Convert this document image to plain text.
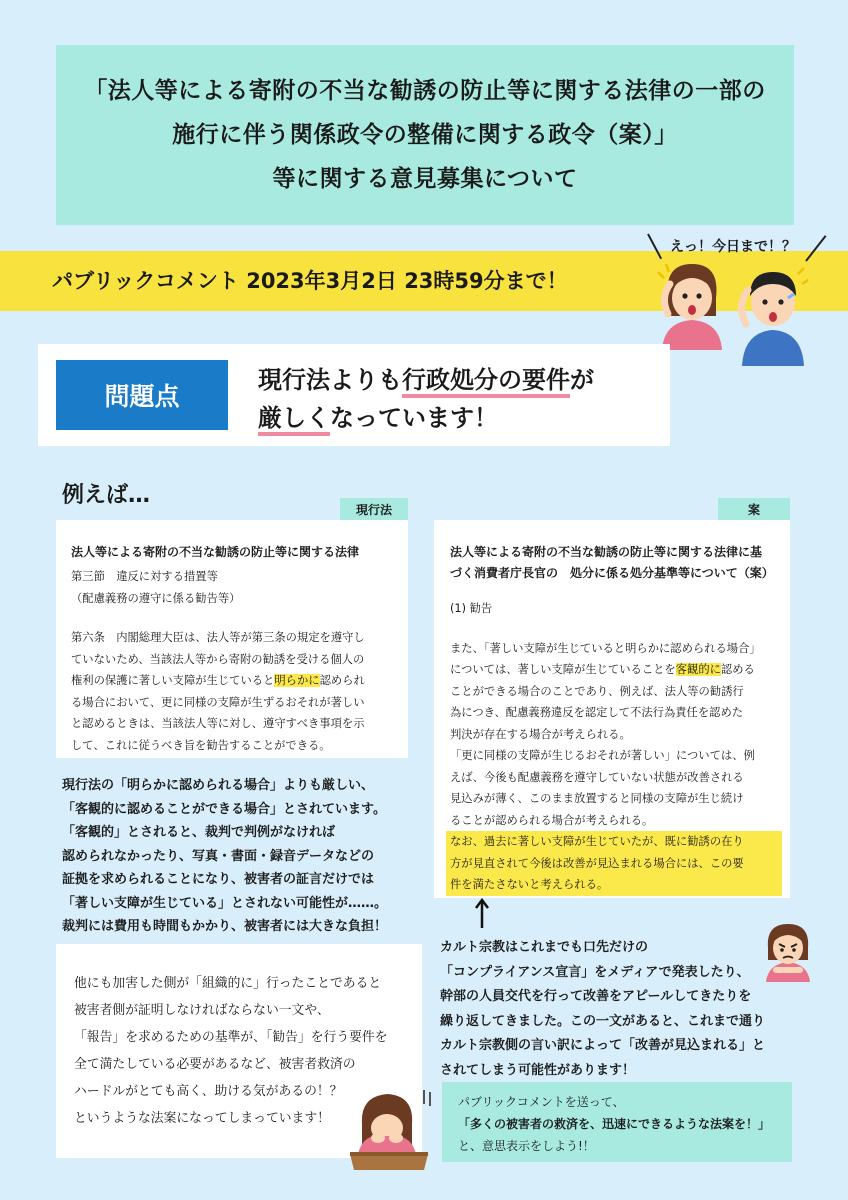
「法人等による寄附の不当な勧誘の防止等に関する法律の一部の
施行に伴う関係政令の整備に関する政令（案）」
等に関する意見募集について
パブリックコメント 2023年3月2日 23時59分まで！
えっ！今日まで！？
問題点
現行法よりも行政処分の要件が
厳しくなっています！
例えば…
現行法
法人等による寄附の不当な勧誘の防止等に関する法律
第三節　違反に対する措置等
（配慮義務の遵守に係る勧告等）
第六条　内閣総理大臣は、法人等が第三条の規定を遵守し
ていないため、当該法人等から寄附の勧誘を受ける個人の
権利の保護に著しい支障が生じていると明らかに認められ
る場合において、更に同様の支障が生ずるおそれが著しい
と認めるときは、当該法人等に対し、遵守すべき事項を示
して、これに従うべき旨を勧告することができる。
案
法人等による寄附の不当な勧誘の防止等に関する法律に基
づく消費者庁長官の　処分に係る処分基準等について（案）
(1) 勧告
また、「著しい支障が生じていると明らかに認められる場合」
については、著しい支障が生じていることを客観的に認める
ことができる場合のことであり、例えば、法人等の勧誘行
為につき、配慮義務違反を認定して不法行為責任を認めた
判決が存在する場合が考えられる。
「更に同様の支障が生じるおそれが著しい」については、例
えば、今後も配慮義務を遵守していない状態が改善される
見込みが薄く、このまま放置すると同様の支障が生じ続け
ることが認められる場合が考えられる。
なお、過去に著しい支障が生じていたが、既に勧誘の在り
方が見直されて今後は改善が見込まれる場合には、この要
件を満たさないと考えられる。
現行法の「明らかに認められる場合」よりも厳しい、
「客観的に認めることができる場合」とされています。
「客観的」とされると、裁判で判例がなければ
認められなかったり、写真・書面・録音データなどの
証拠を求められることになり、被害者の証言だけでは
「著しい支障が生じている」とされない可能性が……。
裁判には費用も時間もかかり、被害者には大きな負担！
カルト宗教はこれまでも口先だけの
「コンプライアンス宣言」をメディアで発表したり、
幹部の人員交代を行って改善をアピールしてきたりを
繰り返してきました。この一文があると、これまで通り
カルト宗教側の言い訳によって「改善が見込まれる」と
されてしまう可能性があります！
他にも加害した側が「組織的に」行ったことであると
被害者側が証明しなければならない一文や、
「報告」を求めるための基準が、「勧告」を行う要件を
全て満たしている必要があるなど、被害者救済の
ハードルがとても高く、助ける気があるの！？
というような法案になってしまっています！
パブリックコメントを送って、
「多くの被害者の救済を、迅速にできるような法案を！」
と、意思表示をしよう!！
